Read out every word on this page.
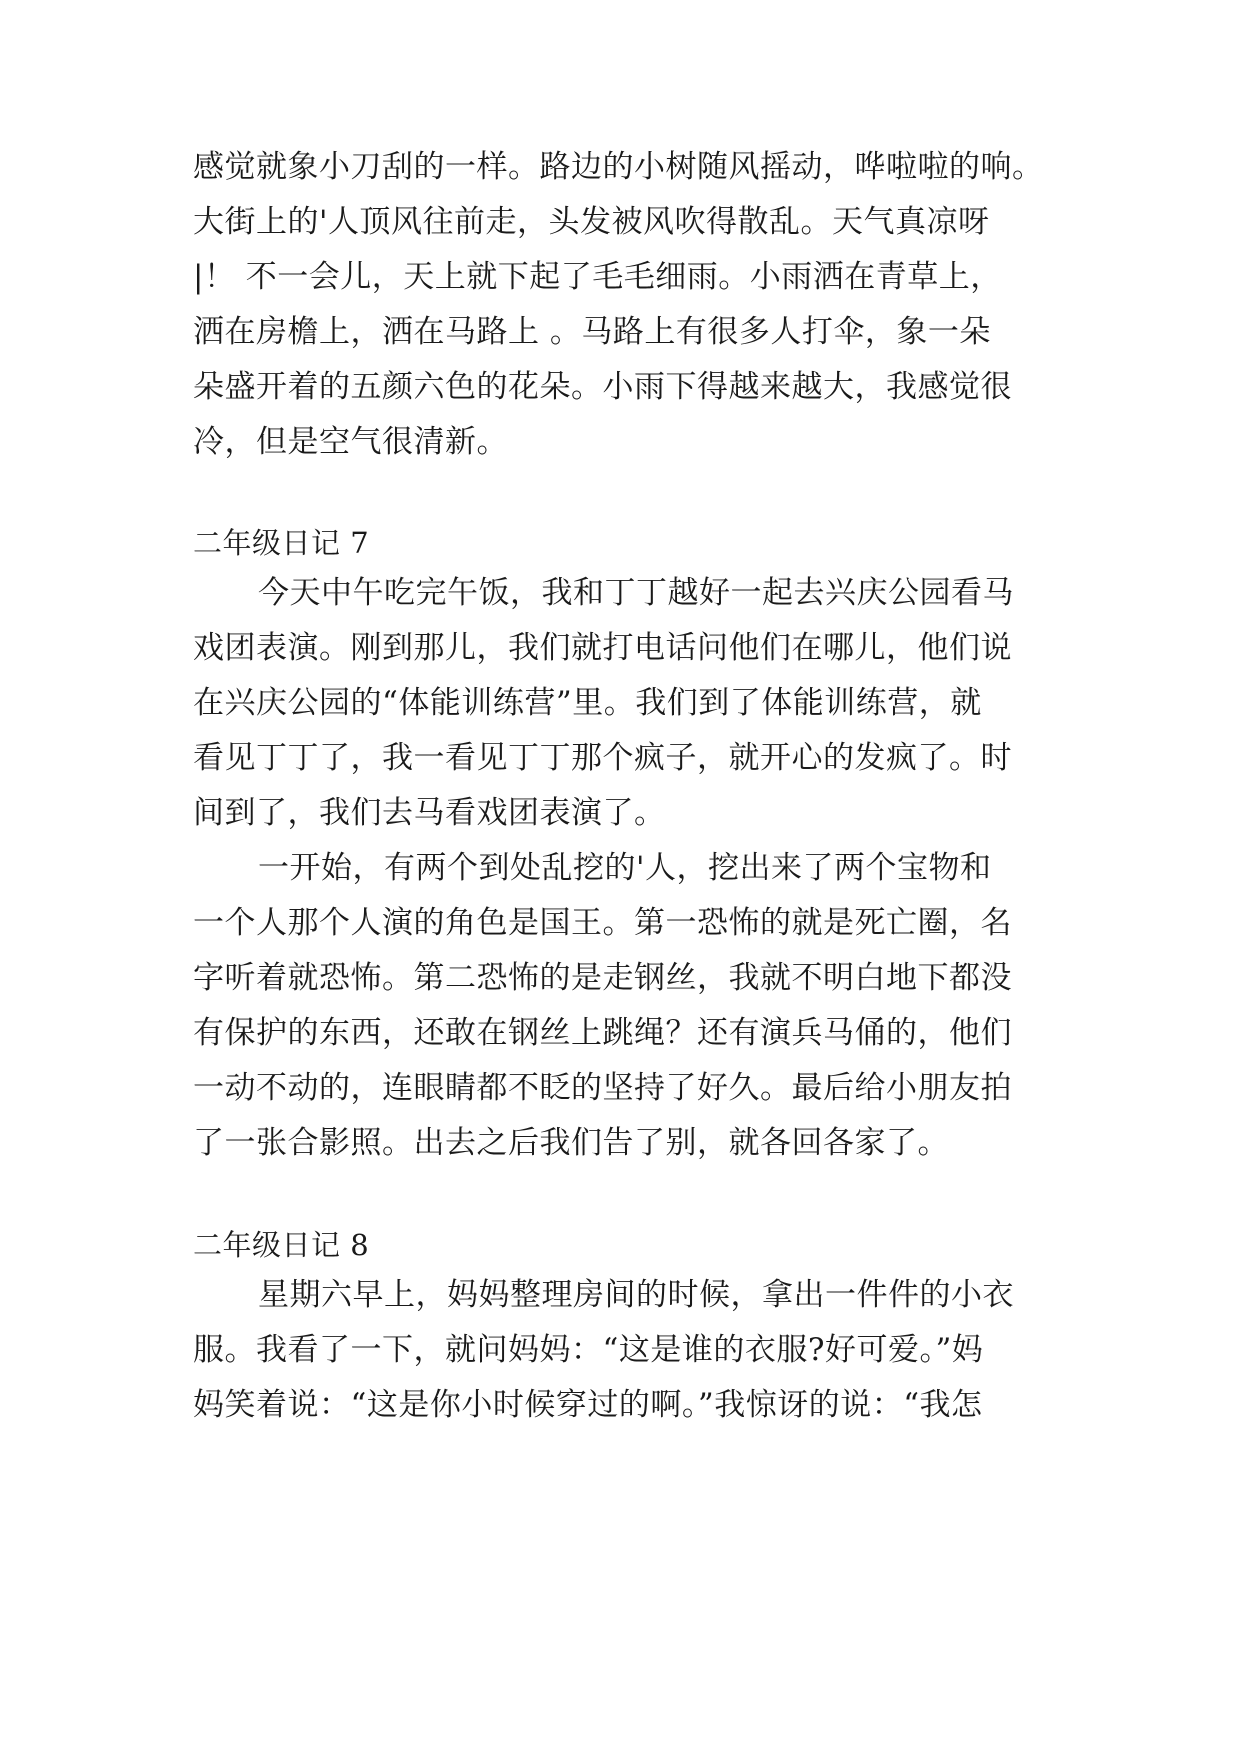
感觉就象小刀刮的一样。路边的小树随风摇动，哗啦啦的响。
大街上的'人顶风往前走，头发被风吹得散乱。天气真凉呀
|！ 不一会儿，天上就下起了毛毛细雨。小雨洒在青草上，
洒在房檐上，洒在马路上 。马路上有很多人打伞，象一朵
朵盛开着的五颜六色的花朵。小雨下得越来越大，我感觉很
冷，但是空气很清新。
二年级日记 7
今天中午吃完午饭，我和丁丁越好一起去兴庆公园看马
戏团表演。刚到那儿，我们就打电话问他们在哪儿，他们说
在兴庆公园的“体能训练营”里。我们到了体能训练营，就
看见丁丁了，我一看见丁丁那个疯子，就开心的发疯了。时
间到了，我们去马看戏团表演了。
一开始，有两个到处乱挖的'人，挖出来了两个宝物和
一个人那个人演的角色是国王。第一恐怖的就是死亡圈，名
字听着就恐怖。第二恐怖的是走钢丝，我就不明白地下都没
有保护的东西，还敢在钢丝上跳绳？还有演兵马俑的，他们
一动不动的，连眼睛都不眨的坚持了好久。最后给小朋友拍
了一张合影照。出去之后我们告了别，就各回各家了。
二年级日记 8
星期六早上，妈妈整理房间的时候，拿出一件件的小衣
服。我看了一下，就问妈妈：“这是谁的衣服?好可爱。”妈
妈笑着说：“这是你小时候穿过的啊。”我惊讶的说：“我怎
